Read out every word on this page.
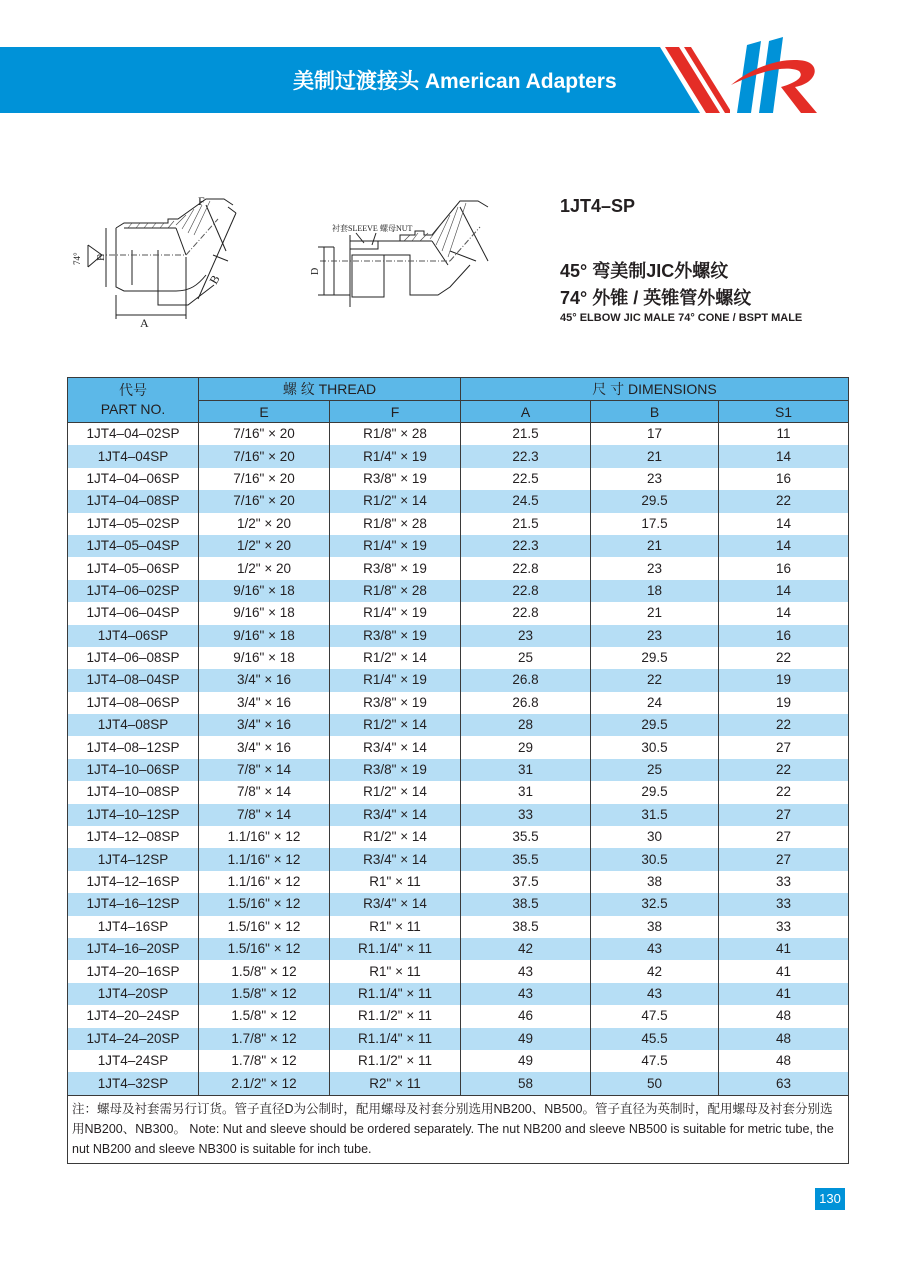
美制过渡接头 American Adapters
A
F
B
E
74°
衬套SLEEVE 螺母NUT
D
1JT4–SP
45° 弯美制JIC外螺纹
74° 外锥 / 英锥管外螺纹
45° ELBOW JIC MALE 74° CONE / BSPT MALE
代号
PART NO.	螺 纹 THREAD		尺 寸 DIMENSIONS		
	E	F	A	B	S1
1JT4–04–02SP	7/16" × 20	R1/8" × 28	21.5	17	11
1JT4–04SP	7/16" × 20	R1/4" × 19	22.3	21	14
1JT4–04–06SP	7/16" × 20	R3/8" × 19	22.5	23	16
1JT4–04–08SP	7/16" × 20	R1/2" × 14	24.5	29.5	22
1JT4–05–02SP	1/2" × 20	R1/8" × 28	21.5	17.5	14
1JT4–05–04SP	1/2" × 20	R1/4" × 19	22.3	21	14
1JT4–05–06SP	1/2" × 20	R3/8" × 19	22.8	23	16
1JT4–06–02SP	9/16" × 18	R1/8" × 28	22.8	18	14
1JT4–06–04SP	9/16" × 18	R1/4" × 19	22.8	21	14
1JT4–06SP	9/16" × 18	R3/8" × 19	23	23	16
1JT4–06–08SP	9/16" × 18	R1/2" × 14	25	29.5	22
1JT4–08–04SP	3/4" × 16	R1/4" × 19	26.8	22	19
1JT4–08–06SP	3/4" × 16	R3/8" × 19	26.8	24	19
1JT4–08SP	3/4" × 16	R1/2" × 14	28	29.5	22
1JT4–08–12SP	3/4" × 16	R3/4" × 14	29	30.5	27
1JT4–10–06SP	7/8" × 14	R3/8" × 19	31	25	22
1JT4–10–08SP	7/8" × 14	R1/2" × 14	31	29.5	22
1JT4–10–12SP	7/8" × 14	R3/4" × 14	33	31.5	27
1JT4–12–08SP	1.1/16" × 12	R1/2" × 14	35.5	30	27
1JT4–12SP	1.1/16" × 12	R3/4" × 14	35.5	30.5	27
1JT4–12–16SP	1.1/16" × 12	R1" × 11	37.5	38	33
1JT4–16–12SP	1.5/16" × 12	R3/4" × 14	38.5	32.5	33
1JT4–16SP	1.5/16" × 12	R1" × 11	38.5	38	33
1JT4–16–20SP	1.5/16" × 12	R1.1/4" × 11	42	43	41
1JT4–20–16SP	1.5/8" × 12	R1" × 11	43	42	41
1JT4–20SP	1.5/8" × 12	R1.1/4" × 11	43	43	41
1JT4–20–24SP	1.5/8" × 12	R1.1/2" × 11	46	47.5	48
1JT4–24–20SP	1.7/8" × 12	R1.1/4" × 11	49	45.5	48
1JT4–24SP	1.7/8" × 12	R1.1/2" × 11	49	47.5	48
1JT4–32SP	2.1/2" × 12	R2" × 11	58	50	63
注：螺母及衬套需另行订货。管子直径D为公制时，配用螺母及衬套分别选用NB200、NB500。管子直径为英制时，配用螺母及衬套分别选用NB200、NB300。 Note: Nut and sleeve should be ordered separately. The nut NB200 and sleeve NB500 is suitable for metric tube, the nut NB200 and sleeve NB300 is suitable for inch tube.					
130
